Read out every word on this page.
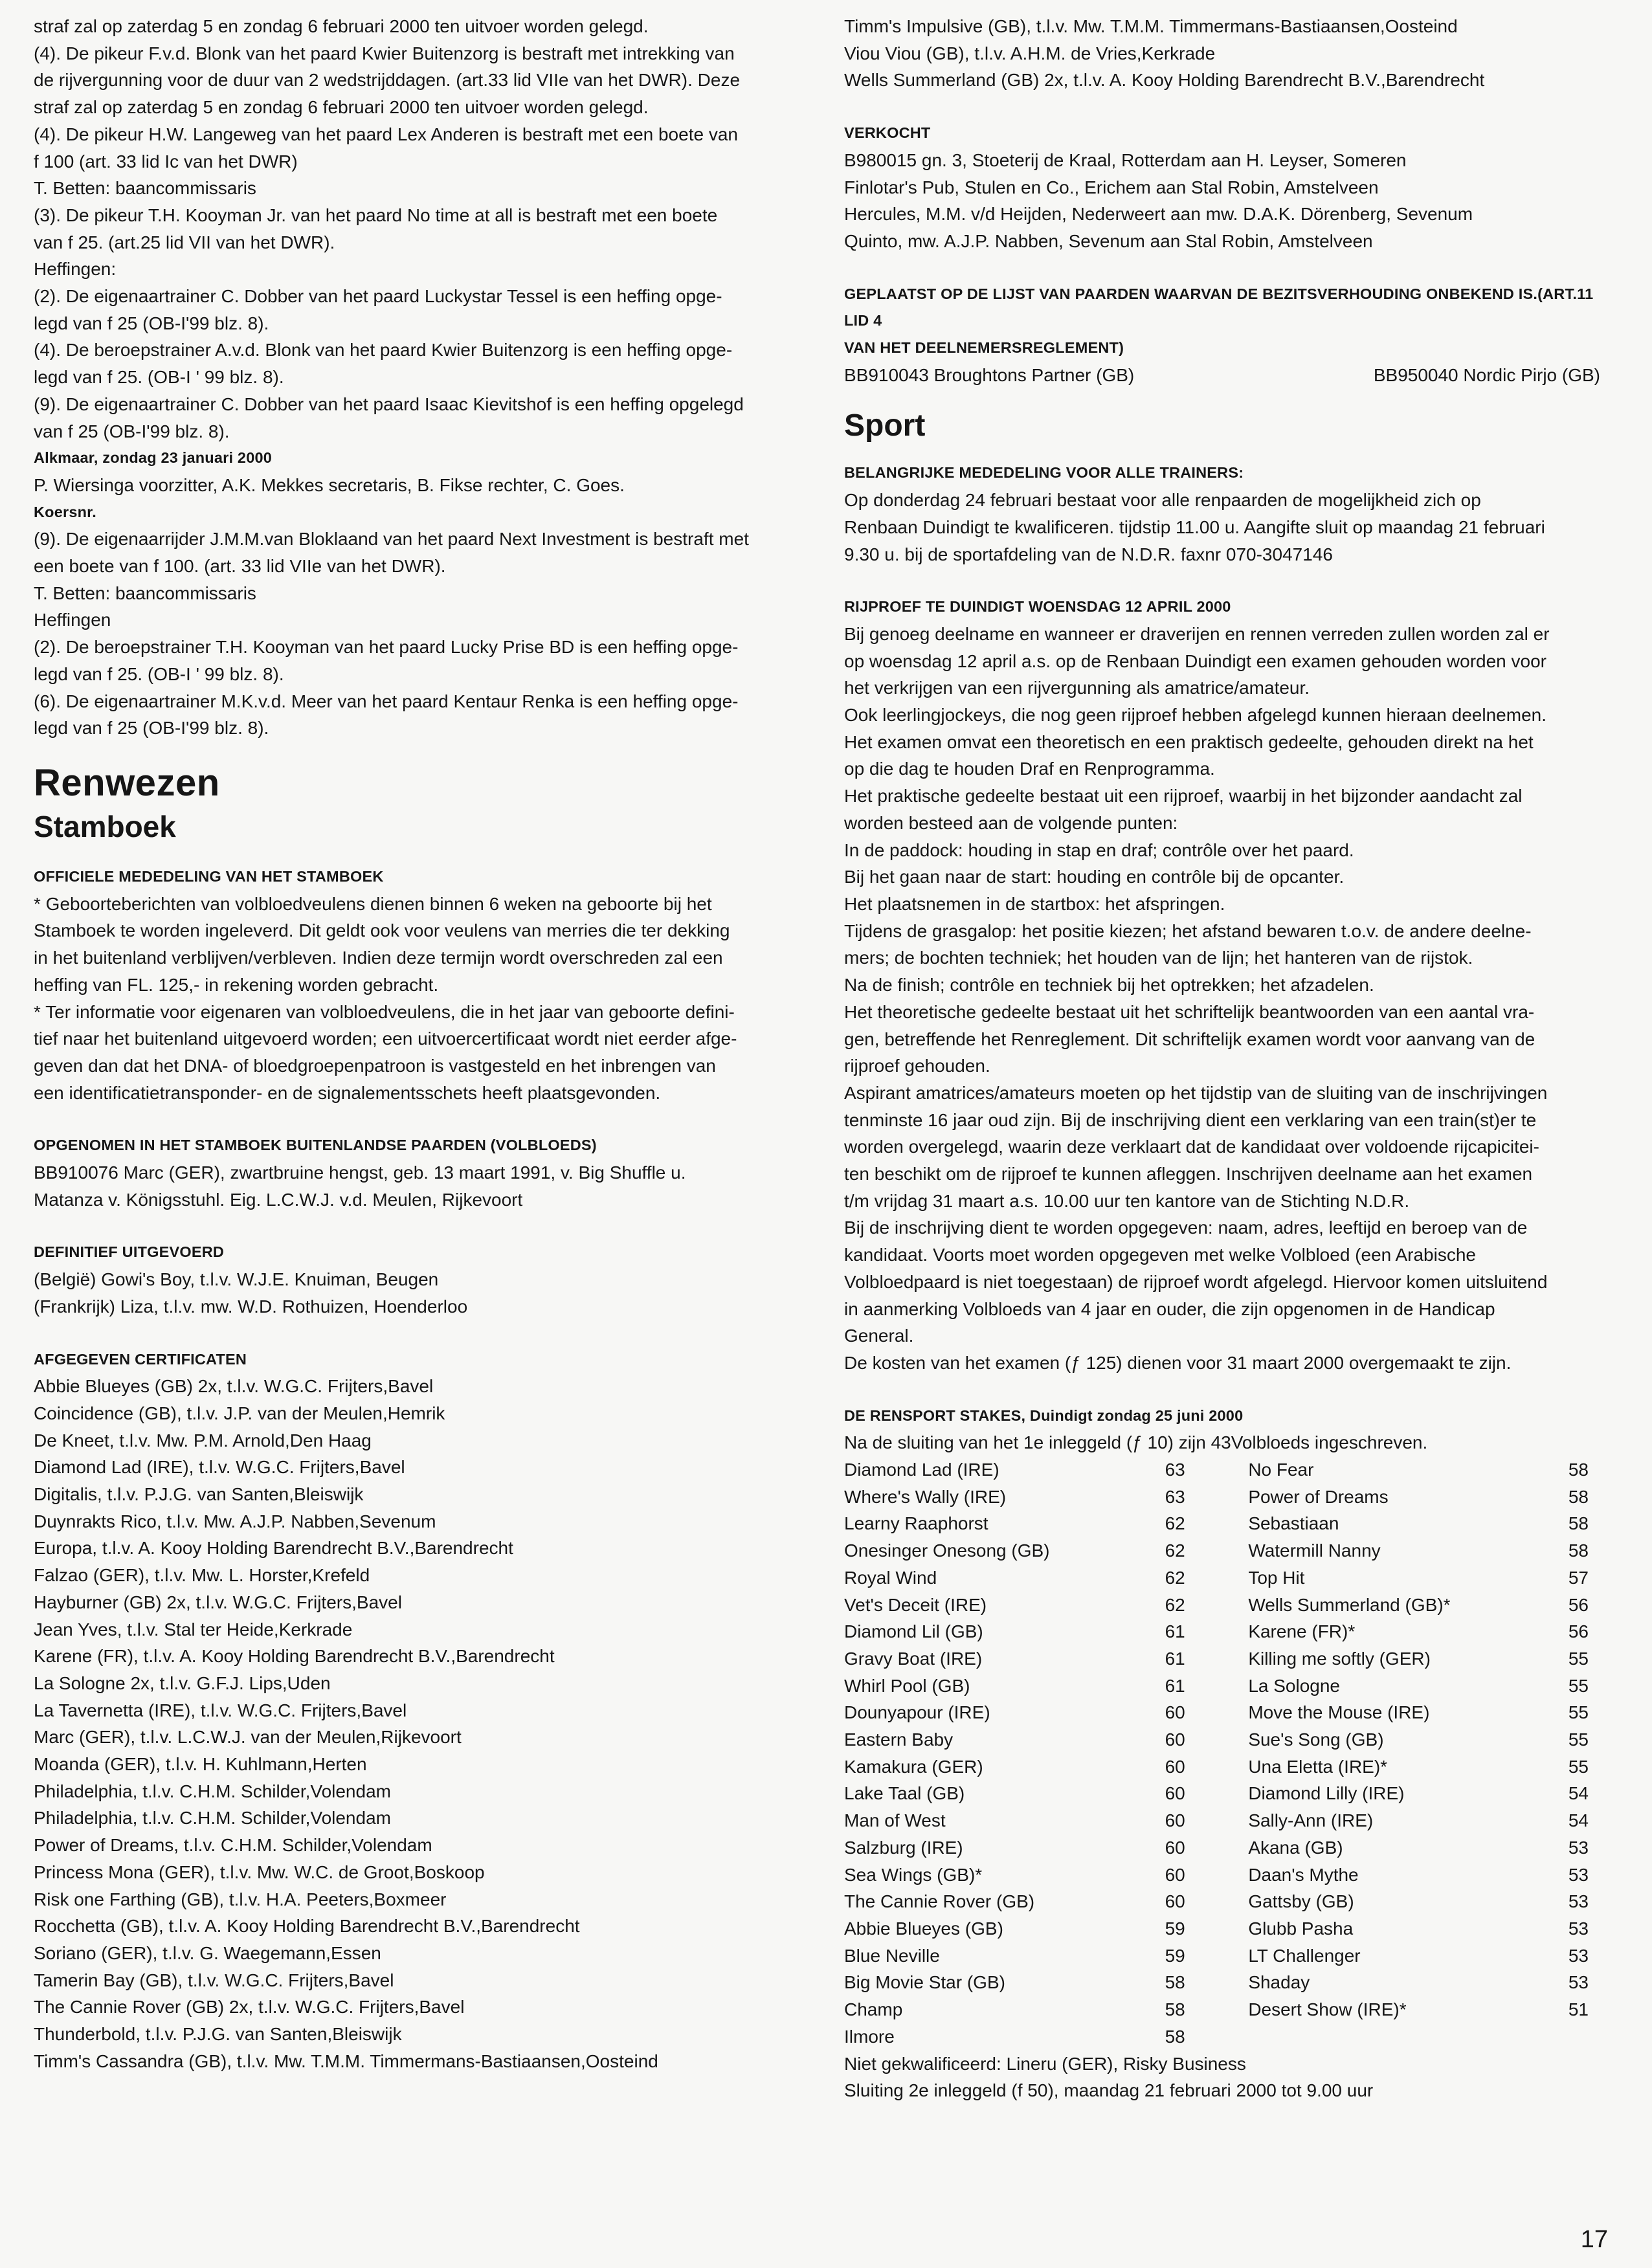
straf zal op zaterdag 5 en zondag 6 februari 2000 ten uitvoer worden gelegd.

(4). De pikeur F.v.d. Blonk van het paard Kwier Buitenzorg is bestraft met intrekking van

de rijvergunning voor de duur van 2 wedstrijddagen. (art.33 lid VIIe van het DWR). Deze

straf zal op zaterdag 5 en zondag 6 februari 2000 ten uitvoer worden gelegd.

(4). De pikeur H.W. Langeweg van het paard Lex Anderen is bestraft met een boete van

f 100 (art. 33 lid Ic van het DWR)

T. Betten: baancommissaris

(3). De pikeur T.H. Kooyman Jr. van het paard No time at all is bestraft met een boete

van f 25. (art.25 lid VII van het DWR).

Heffingen:

(2). De eigenaartrainer C. Dobber van het paard Luckystar Tessel is een heffing opge-

legd van f 25 (OB-I'99 blz. 8).

(4). De beroepstrainer A.v.d. Blonk van het paard Kwier Buitenzorg is een heffing opge-

legd van f 25. (OB-I ' 99 blz. 8).

(9). De eigenaartrainer C. Dobber van het paard Isaac Kievitshof is een heffing opgelegd

van f 25 (OB-I'99 blz. 8).

Alkmaar, zondag 23 januari 2000

P. Wiersinga voorzitter, A.K. Mekkes secretaris, B. Fikse rechter, C. Goes.

Koersnr.

(9). De eigenaarrijder J.M.M.van Bloklaand van het paard Next Investment is bestraft met

een boete van f 100. (art. 33 lid VIIe van het DWR).

T. Betten: baancommissaris

Heffingen

(2). De beroepstrainer T.H. Kooyman van het paard Lucky Prise BD is een heffing opge-

legd van f 25. (OB-I ' 99 blz. 8).

(6). De eigenaartrainer M.K.v.d. Meer van het paard Kentaur Renka is een heffing opge-

legd van f 25 (OB-I'99 blz. 8).

Renwezen
Stamboek

OFFICIELE MEDEDELING VAN HET STAMBOEK

* Geboorteberichten van volbloedveulens dienen binnen 6 weken na geboorte bij het

Stamboek te worden ingeleverd. Dit geldt ook voor veulens van merries die ter dekking

in het buitenland verblijven/verbleven. Indien deze termijn wordt overschreden zal een

heffing van FL. 125,- in rekening worden gebracht.

* Ter informatie voor eigenaren van volbloedveulens, die in het jaar van geboorte defini-

tief naar het buitenland uitgevoerd worden; een uitvoercertificaat wordt niet eerder afge-

geven dan dat het DNA- of bloedgroepenpatroon is vastgesteld en het inbrengen van

een identificatietransponder- en de signalementsschets heeft plaatsgevonden.

OPGENOMEN IN HET STAMBOEK BUITENLANDSE PAARDEN (VOLBLOEDS)

BB910076 Marc (GER), zwartbruine hengst, geb. 13 maart 1991, v. Big Shuffle u.

Matanza v. Königsstuhl. Eig. L.C.W.J. v.d. Meulen, Rijkevoort

DEFINITIEF UITGEVOERD

(België) Gowi's Boy, t.l.v. W.J.E. Knuiman, Beugen

(Frankrijk) Liza, t.l.v. mw. W.D. Rothuizen, Hoenderloo

AFGEGEVEN CERTIFICATEN

Abbie Blueyes (GB) 2x, t.l.v. W.G.C. Frijters,Bavel

Coincidence (GB), t.l.v. J.P. van der Meulen,Hemrik

De Kneet, t.l.v. Mw. P.M. Arnold,Den Haag

Diamond Lad (IRE), t.l.v. W.G.C. Frijters,Bavel

Digitalis, t.l.v. P.J.G. van Santen,Bleiswijk

Duynrakts Rico, t.l.v. Mw. A.J.P. Nabben,Sevenum

Europa, t.l.v. A. Kooy Holding Barendrecht B.V.,Barendrecht

Falzao (GER), t.l.v. Mw. L. Horster,Krefeld

Hayburner (GB) 2x, t.l.v. W.G.C. Frijters,Bavel

Jean Yves, t.l.v. Stal ter Heide,Kerkrade

Karene (FR), t.l.v. A. Kooy Holding Barendrecht B.V.,Barendrecht

La Sologne 2x, t.l.v. G.F.J. Lips,Uden

La Tavernetta (IRE), t.l.v. W.G.C. Frijters,Bavel

Marc (GER), t.l.v. L.C.W.J. van der Meulen,Rijkevoort

Moanda (GER), t.l.v. H. Kuhlmann,Herten

Philadelphia, t.l.v. C.H.M. Schilder,Volendam

Philadelphia, t.l.v. C.H.M. Schilder,Volendam

Power of Dreams, t.l.v. C.H.M. Schilder,Volendam

Princess Mona (GER), t.l.v. Mw. W.C. de Groot,Boskoop

Risk one Farthing (GB), t.l.v. H.A. Peeters,Boxmeer

Rocchetta (GB), t.l.v. A. Kooy Holding Barendrecht B.V.,Barendrecht

Soriano (GER), t.l.v. G. Waegemann,Essen

Tamerin Bay (GB), t.l.v. W.G.C. Frijters,Bavel

The Cannie Rover (GB) 2x, t.l.v. W.G.C. Frijters,Bavel

Thunderbold, t.l.v. P.J.G. van Santen,Bleiswijk

Timm's Cassandra (GB), t.l.v. Mw. T.M.M. Timmermans-Bastiaansen,Oosteind

Timm's Impulsive (GB), t.l.v. Mw. T.M.M. Timmermans-Bastiaansen,Oosteind

Viou Viou (GB), t.l.v. A.H.M. de Vries,Kerkrade

Wells Summerland (GB) 2x, t.l.v. A. Kooy Holding Barendrecht B.V.,Barendrecht

VERKOCHT

B980015 gn. 3, Stoeterij de Kraal, Rotterdam aan H. Leyser, Someren

Finlotar's Pub, Stulen en Co., Erichem aan Stal Robin, Amstelveen

Hercules, M.M. v/d Heijden, Nederweert aan mw. D.A.K. Dörenberg, Sevenum

Quinto, mw. A.J.P. Nabben, Sevenum aan Stal Robin, Amstelveen

GEPLAATST OP DE LIJST VAN PAARDEN WAARVAN DE BEZITSVERHOUDING ONBEKEND IS.(ART.11 LID 4

VAN HET DEELNEMERSREGLEMENT)

BB910043 Broughtons Partner (GB)	BB950040 Nordic Pirjo (GB)
Sport

BELANGRIJKE MEDEDELING VOOR ALLE TRAINERS:

Op donderdag 24 februari bestaat voor alle renpaarden de mogelijkheid zich op

Renbaan Duindigt te kwalificeren. tijdstip 11.00 u. Aangifte sluit op maandag 21 februari

9.30 u. bij de sportafdeling van de N.D.R. faxnr 070-3047146

RIJPROEF TE DUINDIGT WOENSDAG 12 APRIL 2000

Bij genoeg deelname en wanneer er draverijen en rennen verreden zullen worden zal er

op woensdag 12 april a.s. op de Renbaan Duindigt een examen gehouden worden voor

het verkrijgen van een rijvergunning als amatrice/amateur.

Ook leerlingjockeys, die nog geen rijproef hebben afgelegd kunnen hieraan deelnemen.

Het examen omvat een theoretisch en een praktisch gedeelte, gehouden direkt na het

op die dag te houden Draf en Renprogramma.

Het praktische gedeelte bestaat uit een rijproef, waarbij in het bijzonder aandacht zal

worden besteed aan de volgende punten:

In de paddock: houding in stap en draf; contrôle over het paard.

Bij het gaan naar de start: houding en contrôle bij de opcanter.

Het plaatsnemen in de startbox: het afspringen.

Tijdens de grasgalop: het positie kiezen; het afstand bewaren t.o.v. de andere deelne-

mers; de bochten techniek; het houden van de lijn; het hanteren van de rijstok.

Na de finish; contrôle en techniek bij het optrekken; het afzadelen.

Het theoretische gedeelte bestaat uit het schriftelijk beantwoorden van een aantal vra-

gen, betreffende het Renreglement. Dit schriftelijk examen wordt voor aanvang van de

rijproef gehouden.

Aspirant amatrices/amateurs moeten op het tijdstip van de sluiting van de inschrijvingen

tenminste 16 jaar oud zijn. Bij de inschrijving dient een verklaring van een train(st)er te

worden overgelegd, waarin deze verklaart dat de kandidaat over voldoende rijcapicitei-

ten beschikt om de rijproef te kunnen afleggen. Inschrijven deelname aan het examen

t/m vrijdag 31 maart a.s. 10.00 uur ten kantore van de Stichting N.D.R.

Bij de inschrijving dient te worden opgegeven: naam, adres, leeftijd en beroep van de

kandidaat. Voorts moet worden opgegeven met welke Volbloed (een Arabische

Volbloedpaard is niet toegestaan) de rijproef wordt afgelegd. Hiervoor komen uitsluitend

in aanmerking Volbloeds van 4 jaar en ouder, die zijn opgenomen in de Handicap

General.

De kosten van het examen (ƒ 125) dienen voor 31 maart 2000 overgemaakt te zijn.

DE RENSPORT STAKES, Duindigt zondag 25 juni 2000

Na de sluiting van het 1e inleggeld (ƒ 10) zijn 43Volbloeds ingeschreven.

Diamond Lad (IRE)	63		No Fear	58
Where's Wally (IRE)	63		Power of Dreams	58
Learny Raaphorst	62		Sebastiaan	58
Onesinger Onesong (GB)	62		Watermill Nanny	58
Royal Wind	62		Top Hit	57
Vet's Deceit (IRE)	62		Wells Summerland (GB)*	56
Diamond Lil (GB)	61		Karene (FR)*	56
Gravy Boat (IRE)	61		Killing me softly (GER)	55
Whirl Pool (GB)	61		La Sologne	55
Dounyapour (IRE)	60		Move the Mouse (IRE)	55
Eastern Baby	60		Sue's Song (GB)	55
Kamakura (GER)	60		Una Eletta (IRE)*	55
Lake Taal (GB)	60		Diamond Lilly (IRE)	54
Man of West	60		Sally-Ann (IRE)	54
Salzburg (IRE)	60		Akana (GB)	53
Sea Wings (GB)*	60		Daan's Mythe	53
The Cannie Rover (GB)	60		Gattsby (GB)	53
Abbie Blueyes (GB)	59		Glubb Pasha	53
Blue Neville	59		LT Challenger	53
Big Movie Star (GB)	58		Shaday	53
Champ	58		Desert Show (IRE)*	51
Ilmore	58			

Niet gekwalificeerd: Lineru (GER), Risky Business

Sluiting 2e inleggeld (f 50), maandag 21 februari 2000 tot 9.00 uur

17
